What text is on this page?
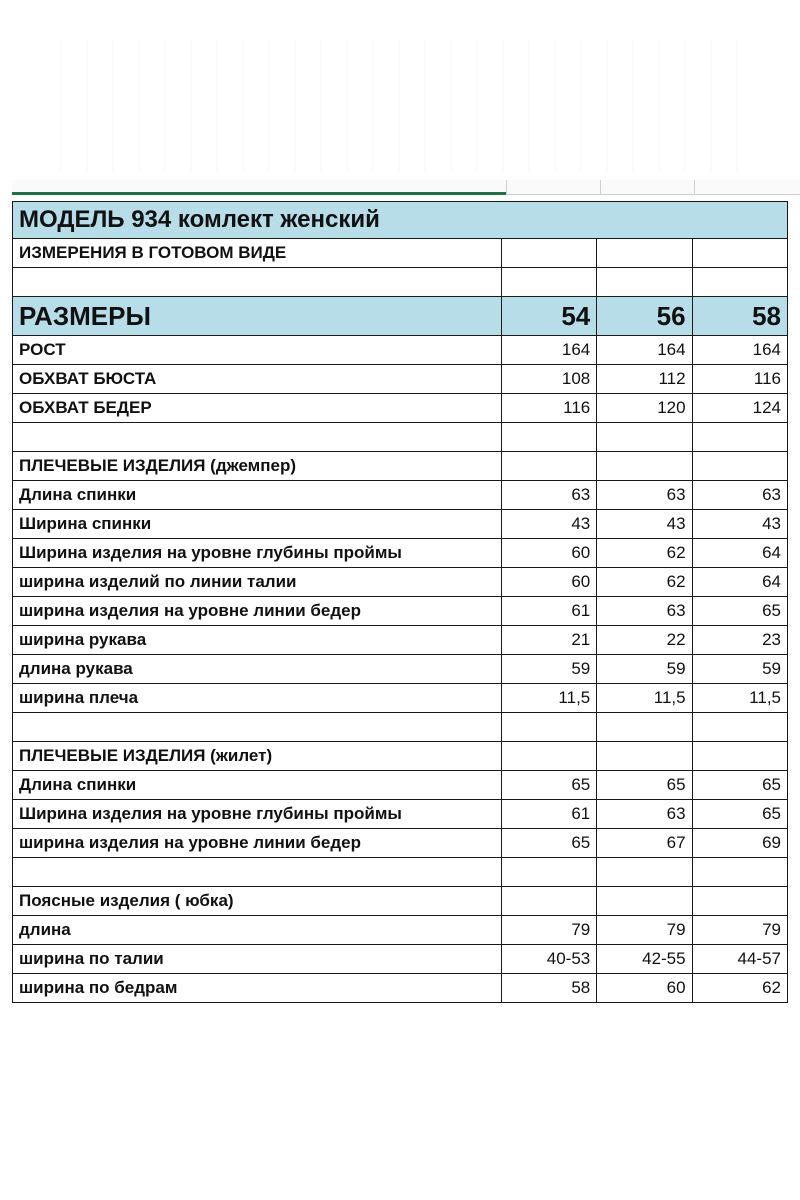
МОДЕЛЬ 934 комлект женский			
ИЗМЕРЕНИЯ В ГОТОВОМ ВИДЕ			

РАЗМЕРЫ	54	56	58
РОСТ	164	164	164
ОБХВАТ БЮСТА	108	112	116
ОБХВАТ БЕДЕР	116	120	124

ПЛЕЧЕВЫЕ ИЗДЕЛИЯ (джемпер)			
Длина спинки	63	63	63
Ширина спинки	43	43	43
Ширина изделия на уровне глубины проймы	60	62	64
ширина изделий по линии талии	60	62	64
ширина изделия на уровне линии бедер	61	63	65
ширина рукава	21	22	23
длина рукава	59	59	59
ширина плеча	11,5	11,5	11,5

ПЛЕЧЕВЫЕ ИЗДЕЛИЯ (жилет)			
Длина спинки	65	65	65
Ширина изделия на уровне глубины проймы	61	63	65
ширина изделия на уровне линии бедер	65	67	69

Поясные изделия ( юбка)			
длина	79	79	79
ширина по талии	40-53	42-55	44-57
ширина по бедрам	58	60	62
